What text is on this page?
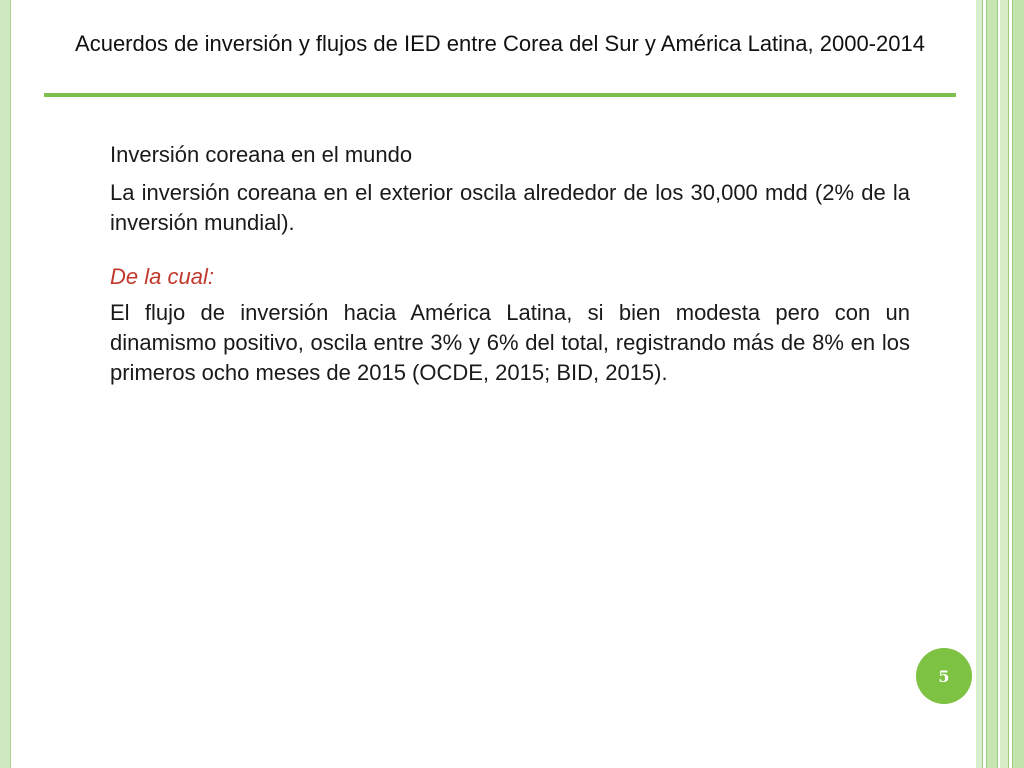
Acuerdos de inversión y flujos de IED entre Corea del Sur y América Latina, 2000-2014

Inversión coreana en el mundo

La inversión coreana en el exterior oscila alrededor de los 30,000 mdd (2% de la inversión mundial).

De la cual:

El flujo de inversión hacia América Latina, si bien modesta pero con un dinamismo positivo, oscila entre 3% y 6% del total, registrando más de 8% en los primeros ocho meses de 2015 (OCDE, 2015; BID, 2015).

5
